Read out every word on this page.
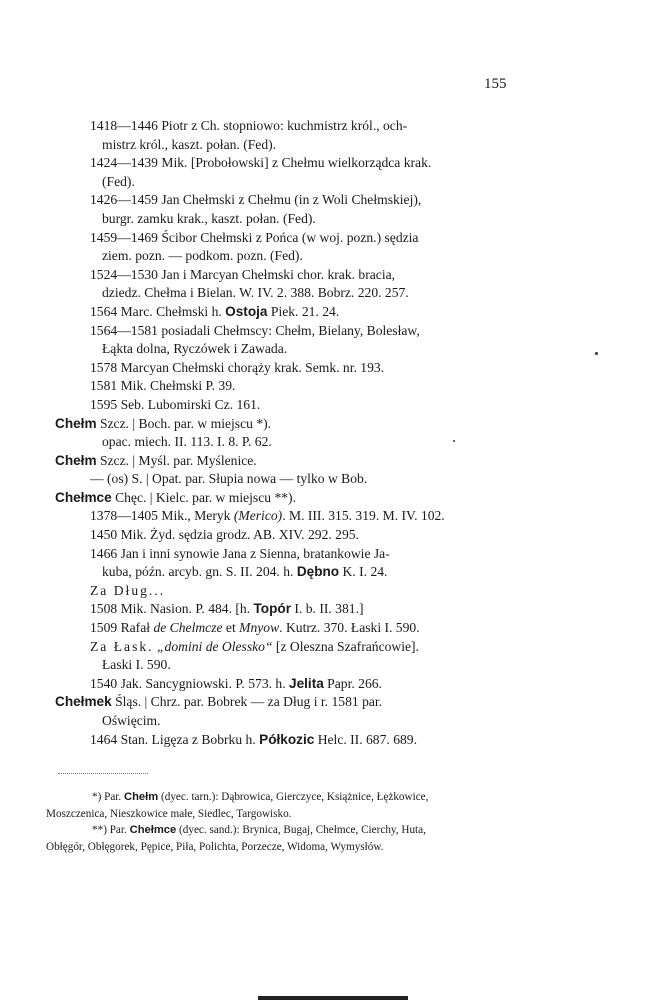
155
1418—1446 Piotr z Ch. stopniowo: kuchmistrz król., och-
mistrz król., kaszt. połan. (Fed).
1424—1439 Mik. [Probołowski] z Chełmu wielkorządca krak.
(Fed).
1426—1459 Jan Chełmski z Chełmu (in z Woli Chełmskiej),
burgr. zamku krak., kaszt. połan. (Fed).
1459—1469 Ścibor Chełmski z Pońca (w woj. pozn.) sędzia
ziem. pozn. — podkom. pozn. (Fed).
1524—1530 Jan i Marcyan Chełmski chor. krak. bracia,
dziedz. Chełma i Bielan. W. IV. 2. 388. Bobrz. 220. 257.
1564 Marc. Chełmski h. Ostoja Piek. 21. 24.
1564—1581 posiadali Chełmscy: Chełm, Bielany, Bolesław,
Łąkta dolna, Ryczówek i Zawada.
1578 Marcyan Chełmski chorąży krak. Semk. nr. 193.
1581 Mik. Chełmski P. 39.
1595 Seb. Lubomirski Cz. 161.
Chełm Szcz. | Boch. par. w miejscu *).
opac. miech. II. 113. I. 8. P. 62.
Chełm Szcz. | Myśl. par. Myślenice.
— (os) S. | Opat. par. Słupia nowa — tylko w Bob.
Chełmce Chęc. | Kielc. par. w miejscu **).
1378—1405 Mik., Meryk (Merico). M. III. 315. 319. M. IV. 102.
1450 Mik. Żyd. sędzia grodz. AB. XIV. 292. 295.
1466 Jan i inni synowie Jana z Sienna, bratankowie Ja-
kuba, późn. arcyb. gn. S. II. 204. h. Dębno K. I. 24.
Za Dług...
1508 Mik. Nasion. P. 484. [h. Topór I. b. II. 381.]
1509 Rafał de Chelmcze et Mnyow. Kutrz. 370. Łaski I. 590.
Za Łask. „domini de Olessko“ [z Oleszna Szafrańcowie].
Łaski I. 590.
1540 Jak. Sancygniowski. P. 573. h. Jelita Papr. 266.
Chełmek Śląs. | Chrz. par. Bobrek — za Dług i r. 1581 par.
Oświęcim.
1464 Stan. Ligęza z Bobrku h. Półkozic Helc. II. 687. 689.
*) Par. Chełm (dyec. tarn.): Dąbrowica, Gierczyce, Książnice, Łężkowice,
Moszczenica, Nieszkowice małe, Siedlec, Targowisko.
**) Par. Chełmce (dyec. sand.): Brynica, Bugaj, Chełmce, Cierchy, Huta,
Obłęgór, Obłęgorek, Pępice, Piła, Polichta, Porzecze, Widoma, Wymysłów.
